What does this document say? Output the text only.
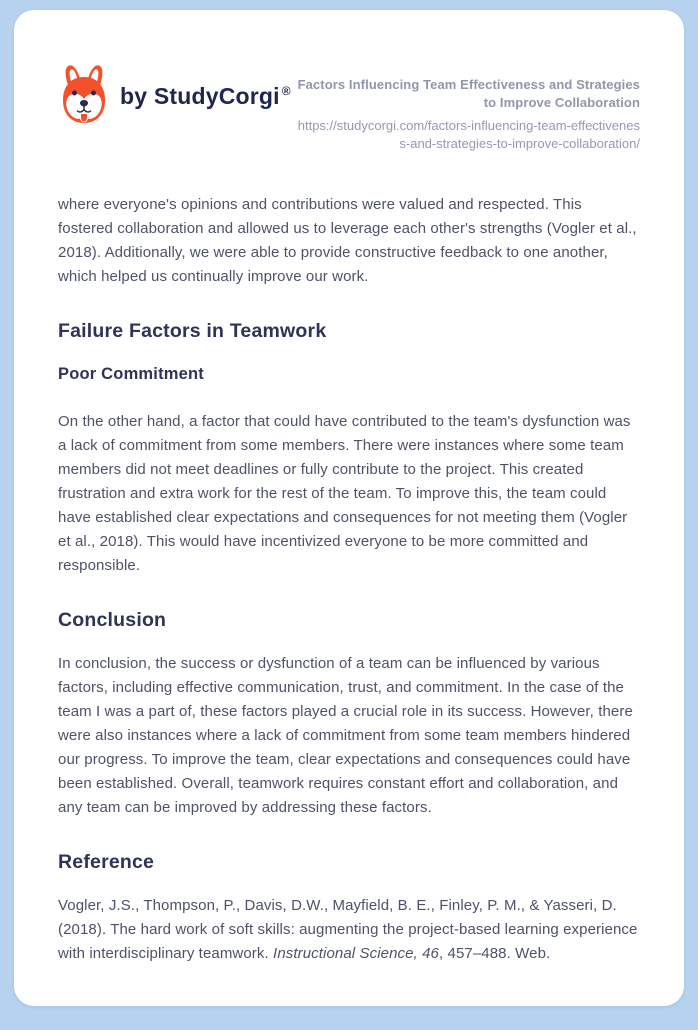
by StudyCorgi ® Factors Influencing Team Effectiveness and Strategies to Improve Collaboration
https://studycorgi.com/factors-influencing-team-effectiveness-and-strategies-to-improve-collaboration/

where everyone's opinions and contributions were valued and respected. This fostered collaboration and allowed us to leverage each other's strengths (Vogler et al., 2018). Additionally, we were able to provide constructive feedback to one another, which helped us continually improve our work.

Failure Factors in Teamwork
Poor Commitment

On the other hand, a factor that could have contributed to the team's dysfunction was a lack of commitment from some members. There were instances where some team members did not meet deadlines or fully contribute to the project. This created frustration and extra work for the rest of the team. To improve this, the team could have established clear expectations and consequences for not meeting them (Vogler et al., 2018). This would have incentivized everyone to be more committed and responsible.

Conclusion

In conclusion, the success or dysfunction of a team can be influenced by various factors, including effective communication, trust, and commitment. In the case of the team I was a part of, these factors played a crucial role in its success. However, there were also instances where a lack of commitment from some team members hindered our progress. To improve the team, clear expectations and consequences could have been established. Overall, teamwork requires constant effort and collaboration, and any team can be improved by addressing these factors.

Reference

Vogler, J.S., Thompson, P., Davis, D.W., Mayfield, B. E., Finley, P. M., & Yasseri, D. (2018). The hard work of soft skills: augmenting the project-based learning experience with interdisciplinary teamwork. Instructional Science, 46, 457–488. Web.
